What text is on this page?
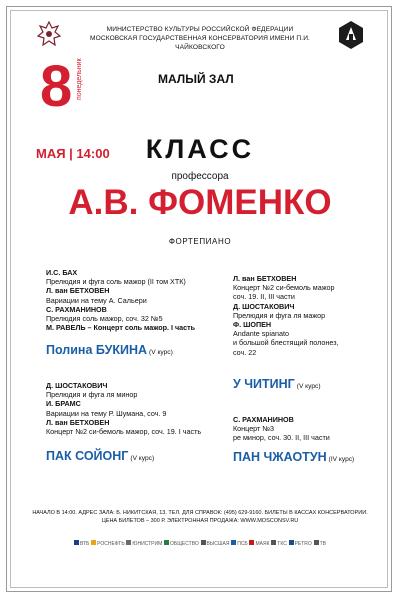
МИНИСТЕРСТВО КУЛЬТУРЫ РОССИЙСКОЙ ФЕДЕРАЦИИ
МОСКОВСКАЯ ГОСУДАРСТВЕННАЯ КОНСЕРВАТОРИЯ ИМЕНИ П.И. ЧАЙКОВСКОГО
8 понедельник
МАЯ | 14:00
МАЛЫЙ ЗАЛ
КЛАСС
профессора
А.В. ФОМЕНКО
ФОРТЕПИАНО
И.С. БАХ
Прелюдия и фуга соль мажор (II том ХТК)
Л. ван БЕТХОВЕН
Вариации на тему А. Сальери
С. РАХМАНИНОВ
Прелюдия соль мажор, соч. 32 №5
М. РАВЕЛЬ – Концерт соль мажор. I часть
Полина БУКИНА (V курс)
Л. ван БЕТХОВЕН
Концерт №2 си-бемоль мажор
соч. 19. II, III части
Д. ШОСТАКОВИЧ
Прелюдия и фуга ля мажор
Ф. ШОПЕН
Andante spianato
и большой блестящий полонез,
соч. 22
У ЧИТИНГ (V курс)
Д. ШОСТАКОВИЧ
Прелюдия и фуга ля минор
И. БРАМС
Вариации на тему Р. Шумана, соч. 9
Л. ван БЕТХОВЕН
Концерт №2 си-бемоль мажор, соч. 19. I часть
ПАК СОЙОНГ (V курс)
С. РАХМАНИНОВ
Концерт №3
ре минор, соч. 30. II, III части
ПАН ЧЖАОТУН (IV курс)
НАЧАЛО В 14:00. АДРЕС ЗАЛА: Б. НИКИТСКАЯ, 13. ТЕЛ. ДЛЯ СПРАВОК: (495) 629-9160. БИЛЕТЫ В КАССАХ КОНСЕРВАТОРИИ.
ЦЕНА БИЛЕТОВ – 300 Р. ЭЛЕКТРОННАЯ ПРОДАЖА: WWW.MOSCONSV.RU
ВТБ	РОСНЕФТЬ	ЮНИСТРИМ	ОБЩЕСТВО	ВЫСШАЯ	ПСБ	МАЯК	ТКС	PETRO	ТВ
